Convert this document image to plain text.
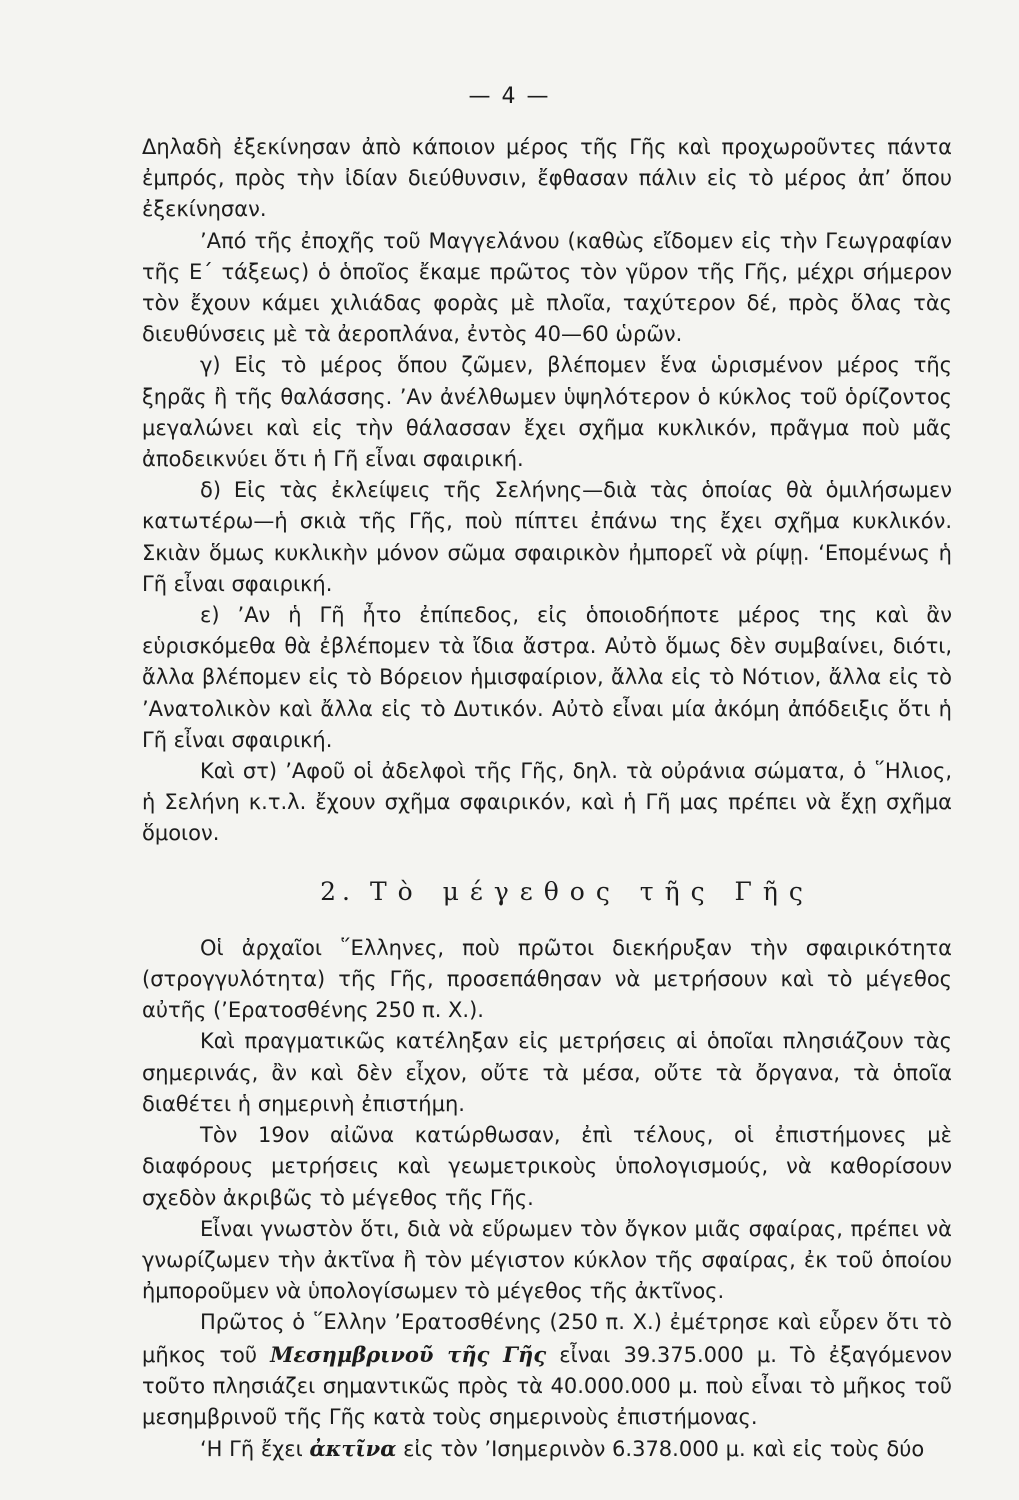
— 4 —

Δηλαδὴ ἐξεκίνησαν ἀπὸ κάποιον μέρος τῆς Γῆς καὶ προχωροῦντες πάντα ἐμπρός, πρὸς τὴν ἰδίαν διεύθυνσιν, ἔφθασαν πάλιν εἰς τὸ μέρος ἀπ’ ὅπου ἐξεκίνησαν.

’Από τῆς ἐποχῆς τοῦ Μαγγελάνου (καθὼς εἴδομεν εἰς τὴν Γεωγραφίαν τῆς Ε΄ τάξεως) ὁ ὁποῖος ἔκαμε πρῶτος τὸν γῦρον τῆς Γῆς, μέχρι σήμερον τὸν ἔχουν κάμει χιλιάδας φορὰς μὲ πλοῖα, ταχύτερον δέ, πρὸς ὅλας τὰς διευθύνσεις μὲ τὰ ἀεροπλάνα, ἐντὸς 40—60 ὡρῶν.

γ) Εἰς τὸ μέρος ὅπου ζῶμεν, βλέπομεν ἕνα ὡρισμένον μέρος τῆς ξηρᾶς ἢ τῆς θαλάσσης. ’Αν ἀνέλθωμεν ὑψηλότερον ὁ κύκλος τοῦ ὁρίζοντος μεγαλώνει καὶ εἰς τὴν θάλασσαν ἔχει σχῆμα κυκλικόν, πρᾶγμα ποὺ μᾶς ἀποδεικνύει ὅτι ἡ Γῆ εἶναι σφαιρική.

δ) Εἰς τὰς ἐκλείψεις τῆς Σελήνης—διὰ τὰς ὁποίας θὰ ὁμιλήσωμεν κατωτέρω—ἡ σκιὰ τῆς Γῆς, ποὺ πίπτει ἐπάνω της ἔχει σχῆμα κυκλικόν. Σκιὰν ὅμως κυκλικὴν μόνον σῶμα σφαιρικὸν ἠμπορεῖ νὰ ρίψῃ. ‘Επομένως ἡ Γῆ εἶναι σφαιρική.

ε) ’Αν ἡ Γῆ ἦτο ἐπίπεδος, εἰς ὁποιοδήποτε μέρος της καὶ ἂν εὑρισκόμεθα θὰ ἐβλέπομεν τὰ ἴδια ἄστρα. Αὐτὸ ὅμως δὲν συμβαίνει, διότι, ἄλλα βλέπομεν εἰς τὸ Βόρειον ἡμισφαίριον, ἄλλα εἰς τὸ Νότιον, ἄλλα εἰς τὸ ’Ανατολικὸν καὶ ἄλλα εἰς τὸ Δυτικόν. Αὐτὸ εἶναι μία ἀκόμη ἀπόδειξις ὅτι ἡ Γῆ εἶναι σφαιρική.

Καὶ στ) ’Αφοῦ οἱ ἀδελφοὶ τῆς Γῆς, δηλ. τὰ οὐράνια σώματα, ὁ ῞Ηλιος, ἡ Σελήνη κ.τ.λ. ἔχουν σχῆμα σφαιρικόν, καὶ ἡ Γῆ μας πρέπει νὰ ἔχῃ σχῆμα ὅμοιον.

2. Τὸ μέγεθος τῆς Γῆς

Οἱ ἀρχαῖοι ῞Ελληνες, ποὺ πρῶτοι διεκήρυξαν τὴν σφαιρικότητα (στρογγυλότητα) τῆς Γῆς, προσεπάθησαν νὰ μετρήσουν καὶ τὸ μέγεθος αὐτῆς (’Ερατοσθένης 250 π. Χ.).

Καὶ πραγματικῶς κατέληξαν εἰς μετρήσεις αἱ ὁποῖαι πλησιάζουν τὰς σημερινάς, ἂν καὶ δὲν εἶχον, οὔτε τὰ μέσα, οὔτε τὰ ὄργανα, τὰ ὁποῖα διαθέτει ἡ σημερινὴ ἐπιστήμη.

Τὸν 19ον αἰῶνα κατώρθωσαν, ἐπὶ τέλους, οἱ ἐπιστήμονες μὲ διαφόρους μετρήσεις καὶ γεωμετρικοὺς ὑπολογισμούς, νὰ καθορίσουν σχεδὸν ἀκριβῶς τὸ μέγεθος τῆς Γῆς.

Εἶναι γνωστὸν ὅτι, διὰ νὰ εὕρωμεν τὸν ὄγκον μιᾶς σφαίρας, πρέπει νὰ γνωρίζωμεν τὴν ἀκτῖνα ἢ τὸν μέγιστον κύκλον τῆς σφαίρας, ἐκ τοῦ ὁποίου ἠμποροῦμεν νὰ ὑπολογίσωμεν τὸ μέγεθος τῆς ἀκτῖνος.

Πρῶτος ὁ ῞Ελλην ’Ερατοσθένης (250 π. Χ.) ἐμέτρησε καὶ εὗρεν ὅτι τὸ μῆκος τοῦ Μεσημβρινοῦ τῆς Γῆς εἶναι 39.375.000 μ. Τὸ ἐξαγόμενον τοῦτο πλησιάζει σημαντικῶς πρὸς τὰ 40.000.000 μ. ποὺ εἶναι τὸ μῆκος τοῦ μεσημβρινοῦ τῆς Γῆς κατὰ τοὺς σημερινοὺς ἐπιστήμονας.

‘Η Γῆ ἔχει ἀκτῖνα εἰς τὸν ’Ισημερινὸν 6.378.000 μ. καὶ εἰς τοὺς δύο
